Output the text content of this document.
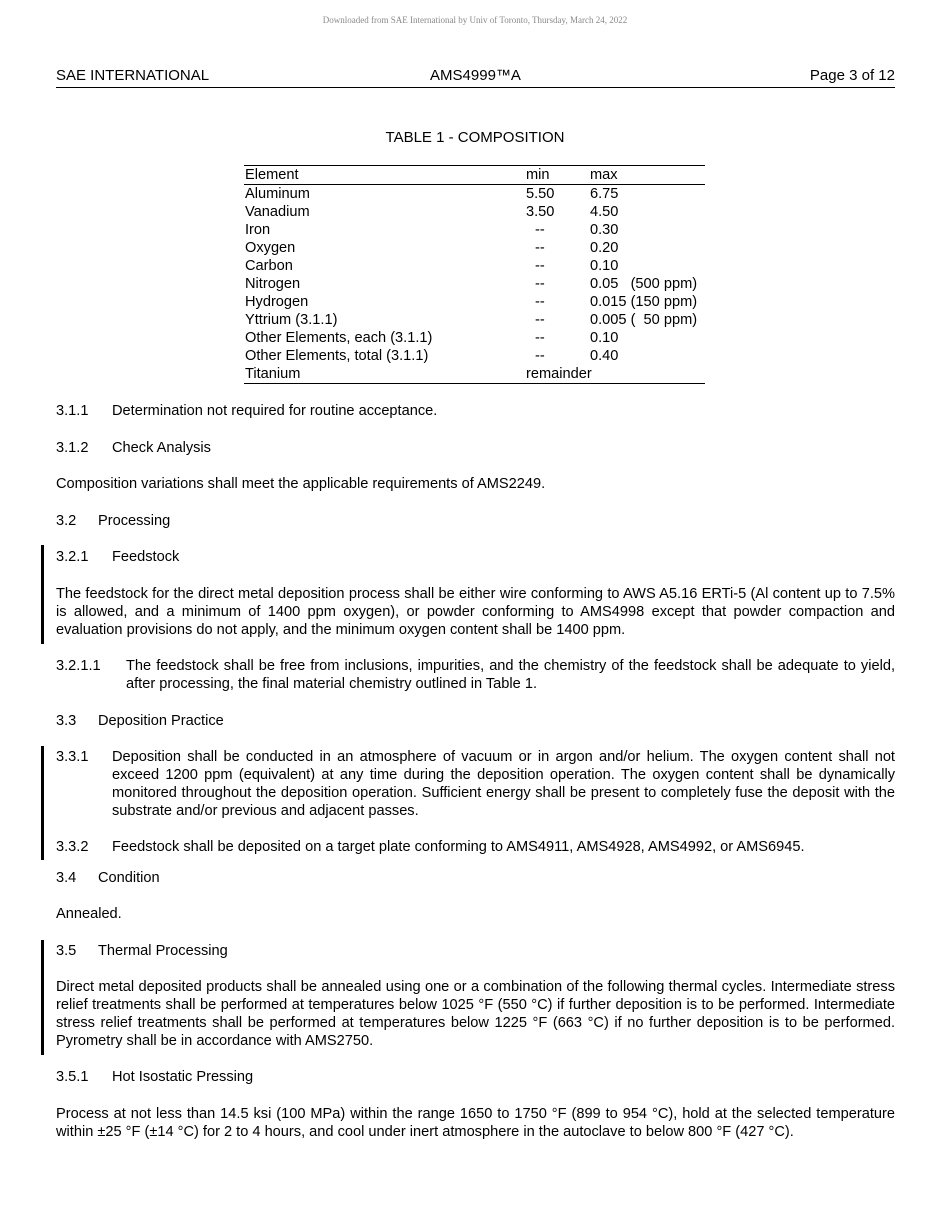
Downloaded from SAE International by Univ of Toronto, Thursday, March 24, 2022
SAE INTERNATIONAL	AMS4999™A	Page 3 of 12
TABLE 1 - COMPOSITION
Element	min	max
Aluminum	5.50 6.75
Vanadium	3.50 4.50
Iron	--	0.30
Oxygen	--	0.20
Carbon	--	0.10
Nitrogen	--	0.05   (500 ppm)
Hydrogen	--	0.015 (150 ppm)
Yttrium (3.1.1)	--	0.005 (  50 ppm)
Other Elements, each (3.1.1)	--	0.10
Other Elements, total (3.1.1)	--	0.40
Titanium	remainder
3.1.1	Determination not required for routine acceptance.
3.1.2 Check Analysis
Composition variations shall meet the applicable requirements of AMS2249.
3.2 Processing
3.2.1 Feedstock
The feedstock for the direct metal deposition process shall be either wire conforming to AWS A5.16 ERTi-5 (Al content up to 7.5% is allowed, and a minimum of 1400 ppm oxygen), or powder conforming to AMS4998 except that powder compaction and evaluation provisions do not apply, and the minimum oxygen content shall be 1400 ppm.
3.2.1.1	The feedstock shall be free from inclusions, impurities, and the chemistry of the feedstock shall be adequate to yield, after processing, the final material chemistry outlined in Table 1.
3.3 Deposition Practice
3.3.1	Deposition shall be conducted in an atmosphere of vacuum or in argon and/or helium. The oxygen content shall not exceed 1200 ppm (equivalent) at any time during the deposition operation. The oxygen content shall be dynamically monitored throughout the deposition operation. Sufficient energy shall be present to completely fuse the deposit with the substrate and/or previous and adjacent passes.
3.3.2	Feedstock shall be deposited on a target plate conforming to AMS4911, AMS4928, AMS4992, or AMS6945.
3.4 Condition
Annealed.
3.5 Thermal Processing
Direct metal deposited products shall be annealed using one or a combination of the following thermal cycles. Intermediate stress relief treatments shall be performed at temperatures below 1025 °F (550 °C) if further deposition is to be performed. Intermediate stress relief treatments shall be performed at temperatures below 1225 °F (663 °C) if no further deposition is to be performed. Pyrometry shall be in accordance with AMS2750.
3.5.1 Hot Isostatic Pressing
Process at not less than 14.5 ksi (100 MPa) within the range 1650 to 1750 °F (899 to 954 °C), hold at the selected temperature within ±25 °F (±14 °C) for 2 to 4 hours, and cool under inert atmosphere in the autoclave to below 800 °F (427 °C).
